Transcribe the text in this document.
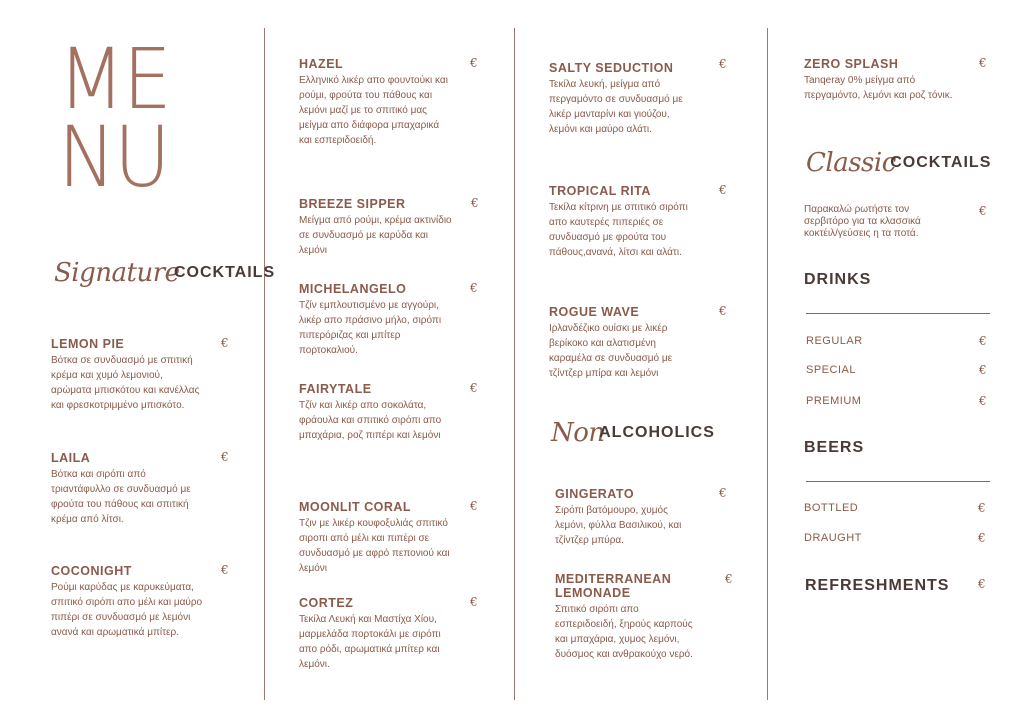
ME
NU
Signature COCKTAILS

LEMON PIE

Βότκα σε συνδυασμό με σπιτική κρέμα και χυμό λεμονιού, αρώματα μπισκότου και κανέλλας και φρεσκοτριμμένο μπισκότο.

€

LAILA

Βότκα και σιρόπι από τριαντάφυλλο σε συνδυασμό με φρούτα του πάθους και σπιτική κρέμα από λίτσι.

€

COCONIGHT

Ρούμι καρύδας με καρυκεύματα, σπιτικό σιρόπι απο μέλι και μαύρο πιπέρι σε συνδυασμό με λεμόνι ανανά και αρωματικά μπίτερ.

€

HAZEL

Ελληνικό λικέρ απο φουντούκι και ρούμι, φρούτα του πάθους και λεμόνι μαζί με το σπιτικό μας μείγμα απο διάφορα μπαχαρικά και εσπεριδοειδή.

€

BREEZE SIPPER

Μείγμα από ρούμι, κρέμα ακτινίδιο σε συνδυασμό με καρύδα και λεμόνι

€

MICHELANGELO

Τζίν εμπλουτισμένο με αγγούρι, λικέρ απο πράσινο μήλο, σιρόπι πιπερόριζας και μπίτερ πορτοκαλιού.

€

FAIRYTALE

Τζίν και λικέρ απο σοκολάτα, φράουλα και σπιτικό σιρόπι απο μπαχάρια, ροζ πιπέρι και λεμόνι

€

MOONLIT CORAL

Τζιν με λικέρ κουφοξυλιάς σπιτικό σιροπι από μέλι και πιπέρι σε συνδυασμό με αφρό πεπονιού και λεμόνι

€

CORTEZ

Τεκίλα Λευκή και Μαστίχα Χίου, μαρμελάδα πορτοκάλι με σιρόπι απο ρόδι, αρωματικά μπίτερ και λεμόνι.

€

SALTY SEDUCTION

Τεκίλα λευκή, μείγμα από περγαμόντο σε συνδυασμό με λικέρ μανταρίνι και γιούζου, λεμόνι και μαύρο αλάτι.

€

TROPICAL RITA

Τεκίλα κίτρινη με σπιτικό σιρόπι απο καυτερές πιπεριές σε συνδυασμό με φρούτα του πάθους,ανανά, λίτσι και αλάτι.

€

ROGUE WAVE

Ιρλανδέζικο ουίσκι με λικέρ βερίκοκο και αλατισμένη καραμέλα σε συνδυασμό με τζίντζερ μπίρα και λεμόνι

€
Non ALCOHOLICS

GINGERATO

Σιρόπι βατόμουρο, χυμός λεμόνι, φύλλα Βασιλικού, και τζίντζερ μπύρα.

€

MEDITERRANEAN LEMONADE

Σπιτικό σιρόπι απο εσπεριδοειδή, ξηρούς καρπούς και μπαχάρια, χυμος λεμόνι, δυόσμος και ανθρακούχο νερό.

€

ZERO SPLASH

Tanqeray 0% μείγμα από περγαμόντο, λεμόνι και ροζ τόνικ.

€
Classic COCKTAILS

Παρακαλώ ρωτήστε τον σερβιτόρο για τα κλασσικά κοκτέιλ/γεύσεις η τα ποτά.

€
DRINKS
REGULAR	€
SPECIAL	€
PREMIUM	€
BEERS
BOTTLED	€
DRAUGHT	€
REFRESHMENTS €
